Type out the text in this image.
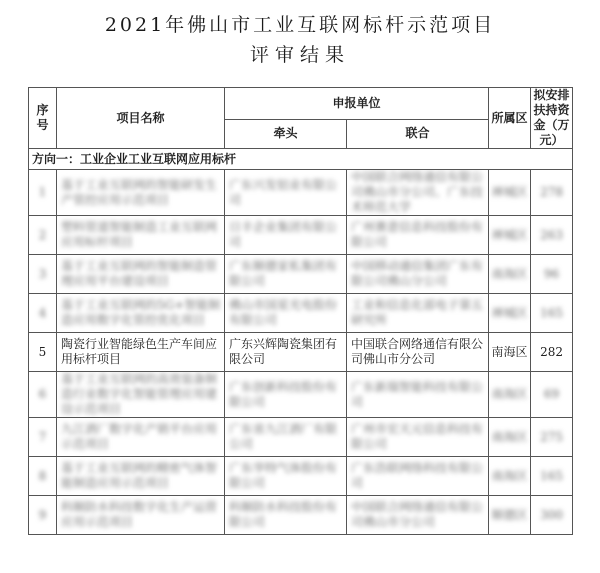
2021年佛山市工业互联网标杆示范项目
评审结果
序号	项目名称	申报单位		所属区	拟安排扶持资金（万元）
		牵头	联合		
方向一：工业企业工业互联网应用标杆					
1	基于工业互联网的智能研发生产管控应用示范项目	广东兴发铝业有限公司	中国联合网络通信有限公司佛山市分公司、广东技术师范大学	禅城区	278
2	塑料管道智能制造工业互联网应用标杆项目	日丰企业集团有限公司	广州赛意信息科技股份有限公司	禅城区	263
3	基于工业互联网的智能制造管理应用平台建设项目	广东顺德家私集团有限公司	中国移动通信集团广东有限公司佛山分公司	南海区	96
4	基于工业互联网的5G+智能制造应用数字化管控优化项目	佛山市国星光电股份有限公司	工业和信息化部电子第五研究所	禅城区	165
5	陶瓷行业智能绿色生产车间应用标杆项目	广东兴辉陶瓷集团有限公司	中国联合网络通信有限公司佛山市分公司	南海区	282
6	基于工业互联网的高效装备制造行业数字化智能管理应用建设示范项目	广东创新科技股份有限公司	广东新瑞智能科技有限公司	南海区	69
7	九江酒厂数字化产销平台应用示范项目	广东省九江酒厂有限公司	广州市宏天元信息科技有限公司	南海区	275
8	基于工业互联网的精密气体智能制造应用示范项目	广东华特气体股份有限公司	广东浩联网络科技有限公司	南海区	165
9	科顺防水科技数字化生产运营应用示范项目	科顺防水科技股份有限公司	中国联合网络通信有限公司佛山市分公司	顺德区	300
